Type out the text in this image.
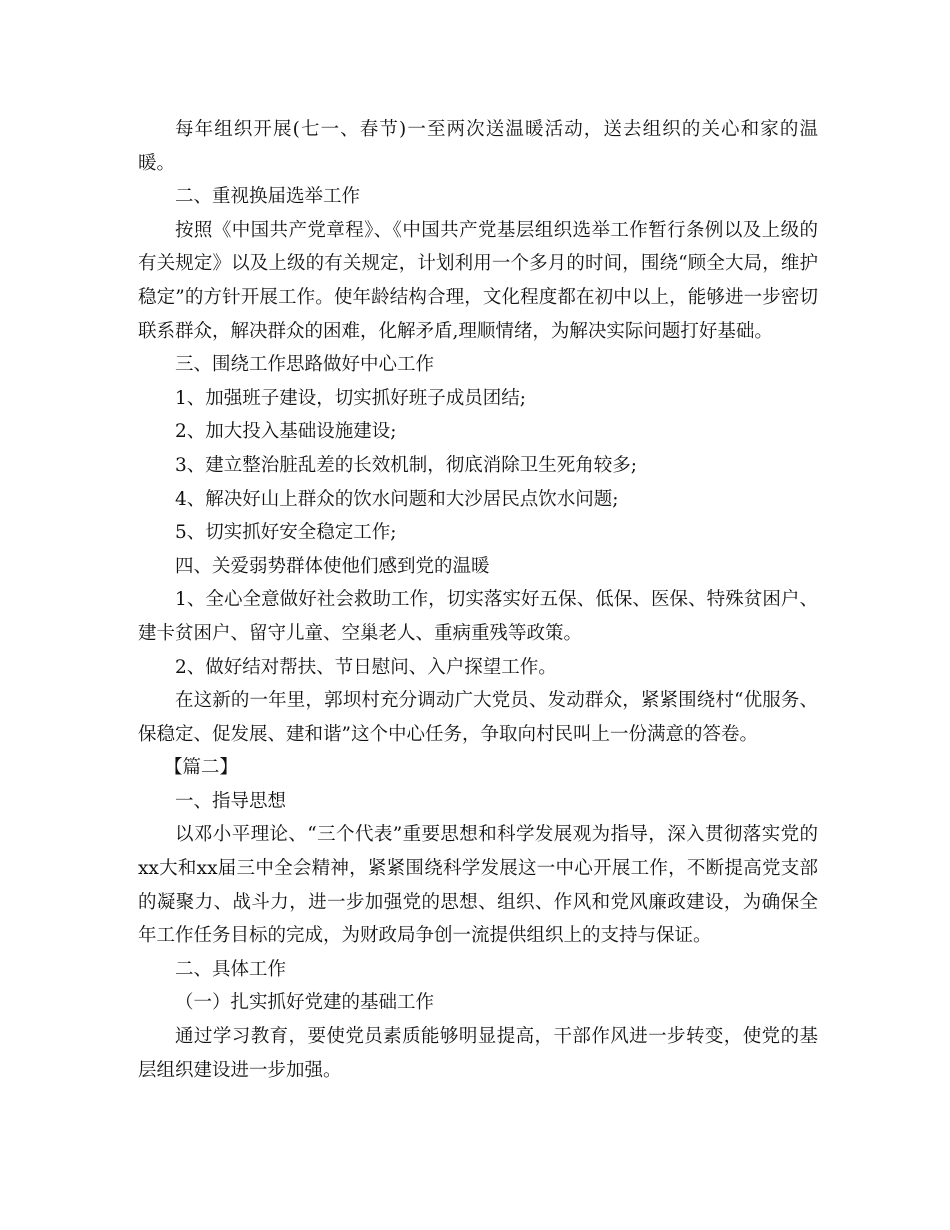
每年组织开展(七一、春节)一至两次送温暖活动，送去组织的关心和家的温暖。

二、重视换届选举工作

按照《中国共产党章程》、《中国共产党基层组织选举工作暂行条例以及上级的有关规定》以及上级的有关规定，计划利用一个多月的时间，围绕“顾全大局，维护稳定”的方针开展工作。使年龄结构合理，文化程度都在初中以上，能够进一步密切联系群众，解决群众的困难，化解矛盾,理顺情绪，为解决实际问题打好基础。

三、围绕工作思路做好中心工作

1、加强班子建设，切实抓好班子成员团结;

2、加大投入基础设施建设;

3、建立整治脏乱差的长效机制，彻底消除卫生死角较多;

4、解决好山上群众的饮水问题和大沙居民点饮水问题;

5、切实抓好安全稳定工作;

四、关爱弱势群体使他们感到党的温暖

1、全心全意做好社会救助工作，切实落实好五保、低保、医保、特殊贫困户、建卡贫困户、留守儿童、空巢老人、重病重残等政策。

2、做好结对帮扶、节日慰问、入户探望工作。

在这新的一年里，郭坝村充分调动广大党员、发动群众，紧紧围绕村“优服务、保稳定、促发展、建和谐”这个中心任务，争取向村民叫上一份满意的答卷。

【篇二】

一、指导思想

以邓小平理论、“三个代表”重要思想和科学发展观为指导，深入贯彻落实党的xx大和xx届三中全会精神，紧紧围绕科学发展这一中心开展工作，不断提高党支部的凝聚力、战斗力，进一步加强党的思想、组织、作风和党风廉政建设，为确保全年工作任务目标的完成，为财政局争创一流提供组织上的支持与保证。

二、具体工作

（一）扎实抓好党建的基础工作

通过学习教育，要使党员素质能够明显提高，干部作风进一步转变，使党的基层组织建设进一步加强。
